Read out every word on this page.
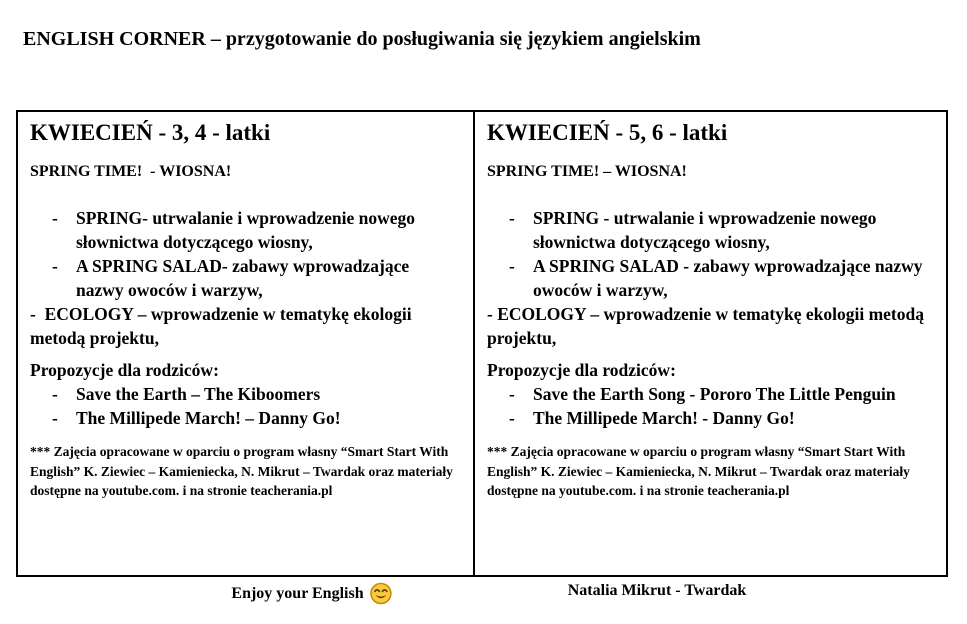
ENGLISH CORNER – przygotowanie do posługiwania się językiem angielskim
KWIECIEŃ - 3, 4 - latki

SPRING TIME!  - WIOSNA!

-	SPRING- utrwalanie i wprowadzenie nowego słownictwa dotyczącego wiosny,
-	A SPRING SALAD- zabawy wprowadzające nazwy owoców i warzyw,

-  ECOLOGY – wprowadzenie w tematykę ekologii metodą projektu,

Propozycje dla rodziców:

-	Save the Earth – The Kiboomers
-	The Millipede March! – Danny Go!

*** Zajęcia opracowane w oparciu o program własny “Smart Start With English” K. Ziewiec – Kamieniecka, N. Mikrut – Twardak oraz materiały dostępne na youtube.com. i na stronie teacherania.pl

KWIECIEŃ - 5, 6 - latki

SPRING TIME! – WIOSNA!

-	SPRING - utrwalanie i wprowadzenie nowego słownictwa dotyczącego wiosny,
-	A SPRING SALAD - zabawy wprowadzające nazwy owoców i warzyw,

- ECOLOGY – wprowadzenie w tematykę ekologii metodą projektu,

Propozycje dla rodziców:

-	Save the Earth Song - Pororo The Little Penguin
-	The Millipede March! - Danny Go!

*** Zajęcia opracowane w oparciu o program własny “Smart Start With English” K. Ziewiec – Kamieniecka, N. Mikrut – Twardak oraz materiały dostępne na youtube.com. i na stronie teacherania.pl

Enjoy your English	Natalia Mikrut - Twardak
